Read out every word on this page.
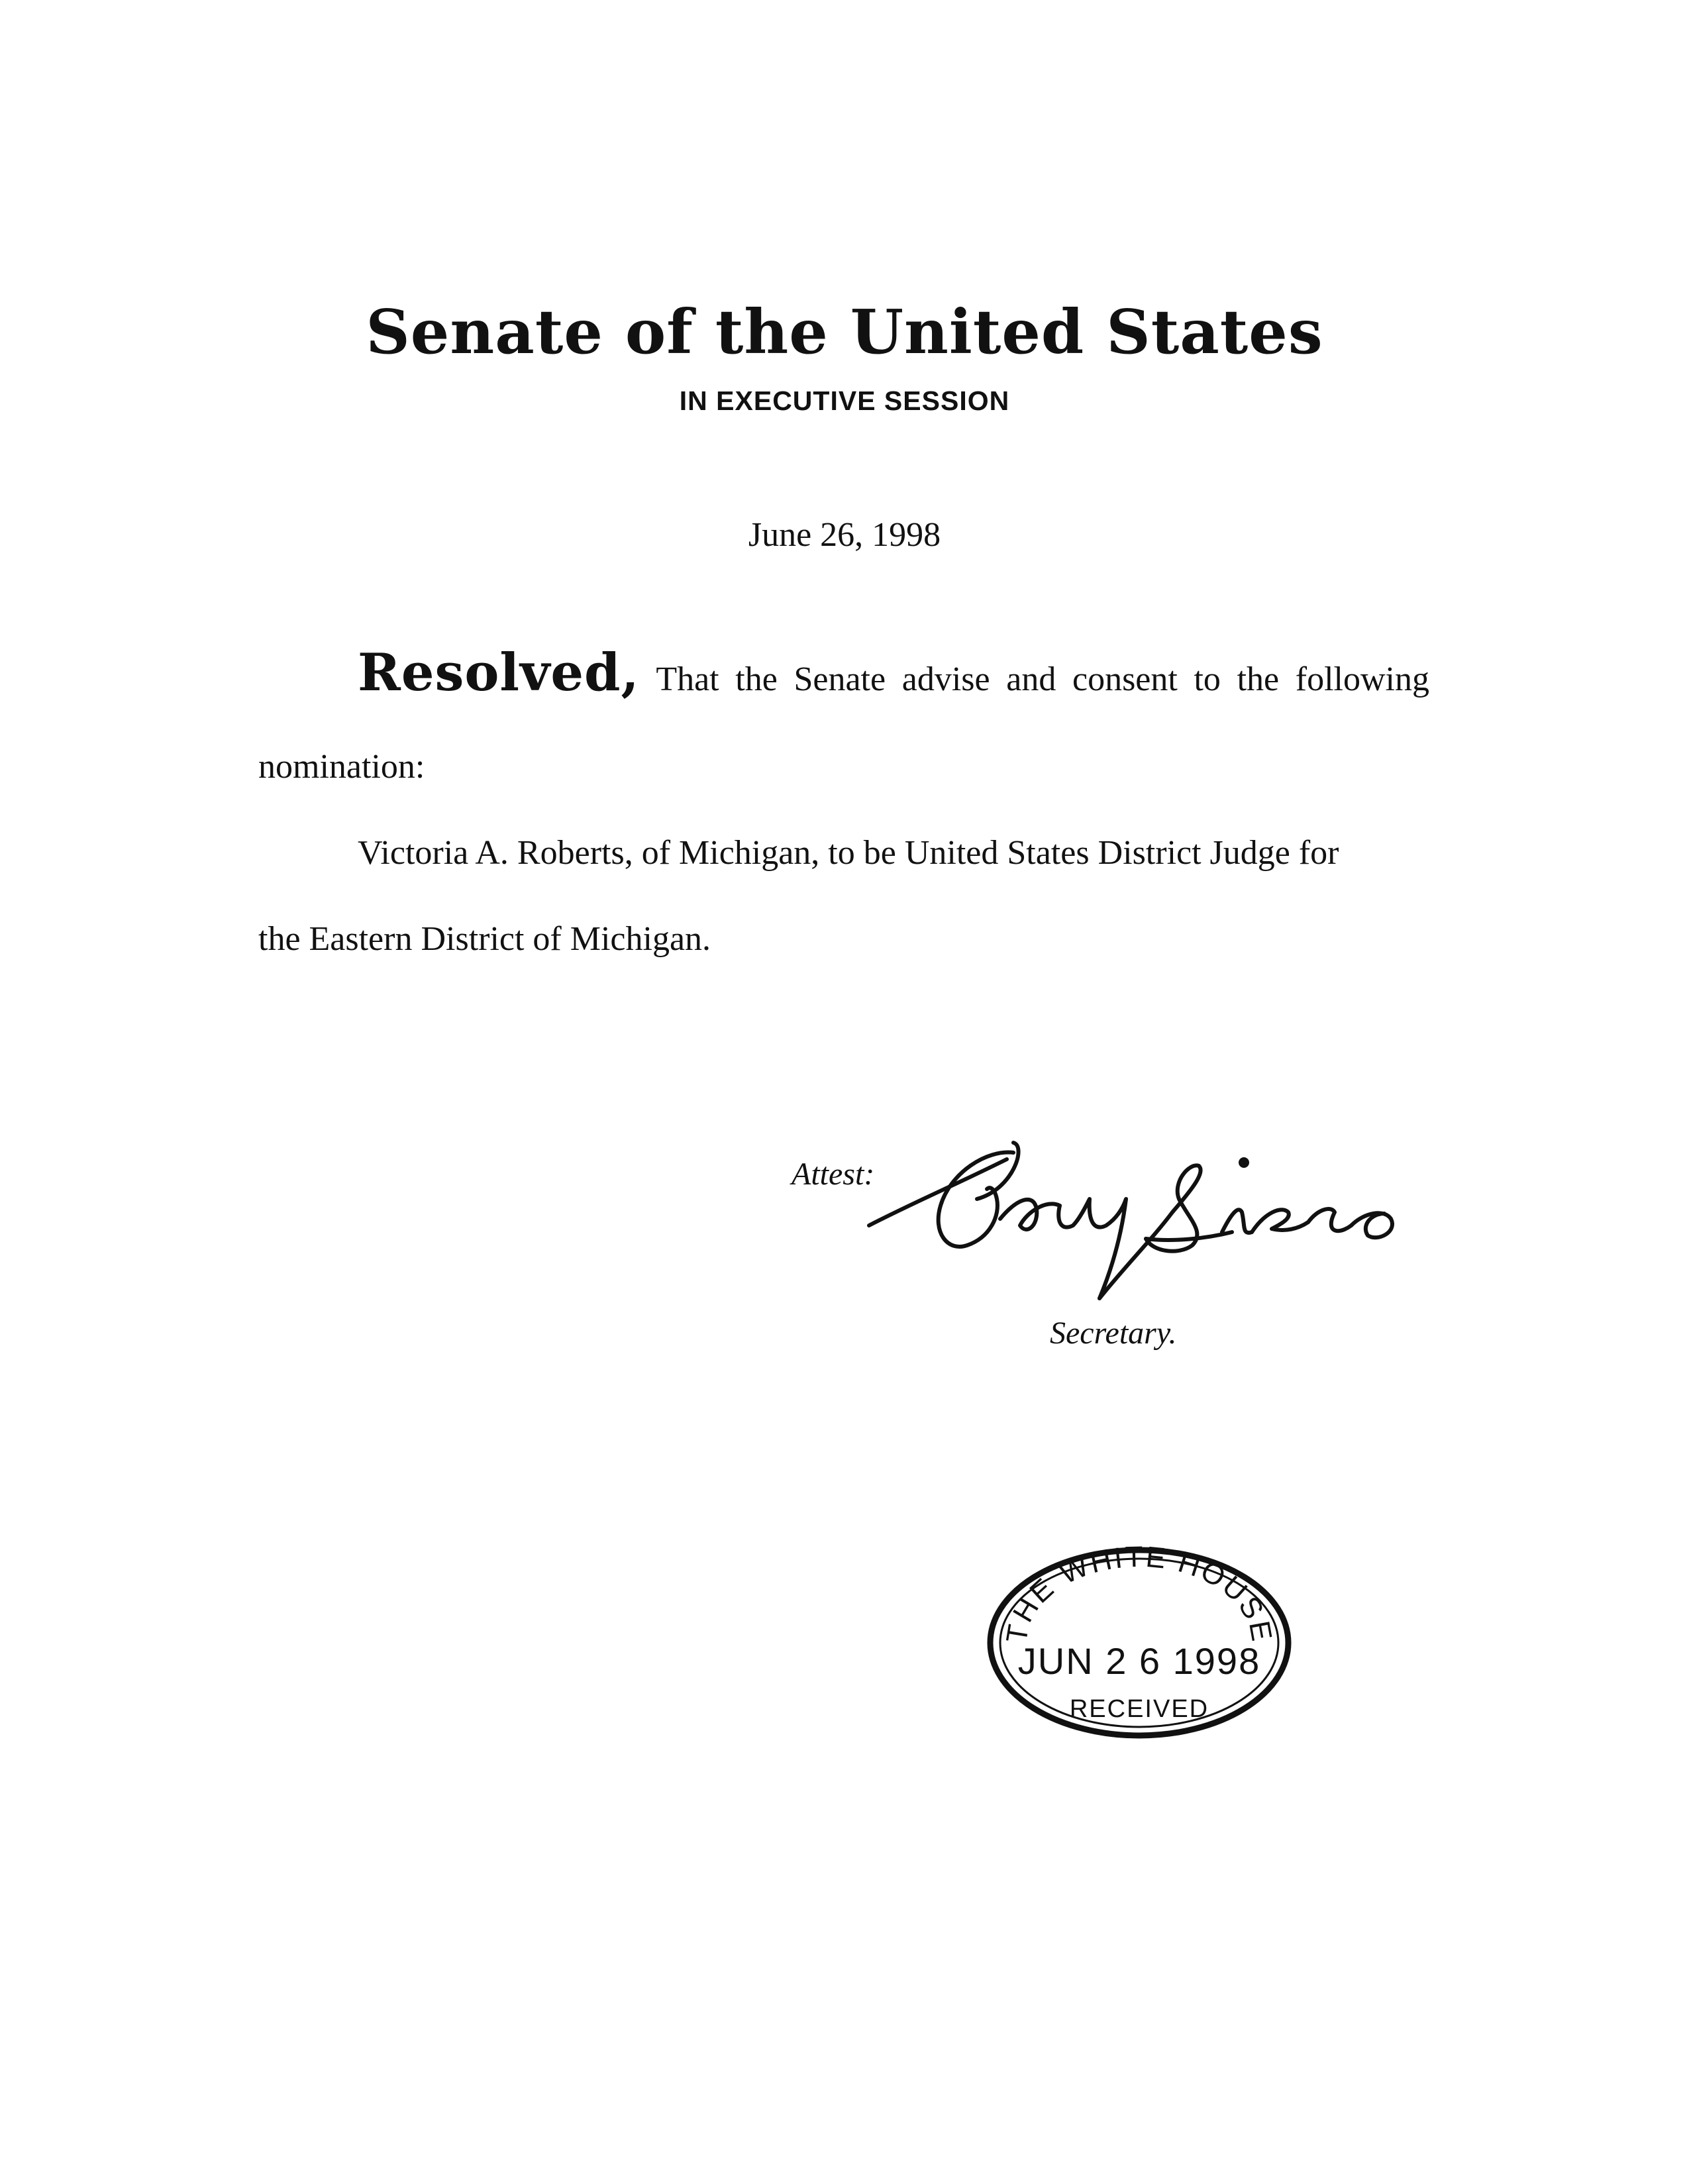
Senate of the United States
IN EXECUTIVE SESSION
June 26, 1998
Resolved, That the Senate advise and consent to the following
nomination:
Victoria A. Roberts, of Michigan, to be United States District Judge for
the Eastern District of Michigan.
Attest:
Secretary.
THE WHITE HOUSE
RECEIVED
JUN 2 6 1998
